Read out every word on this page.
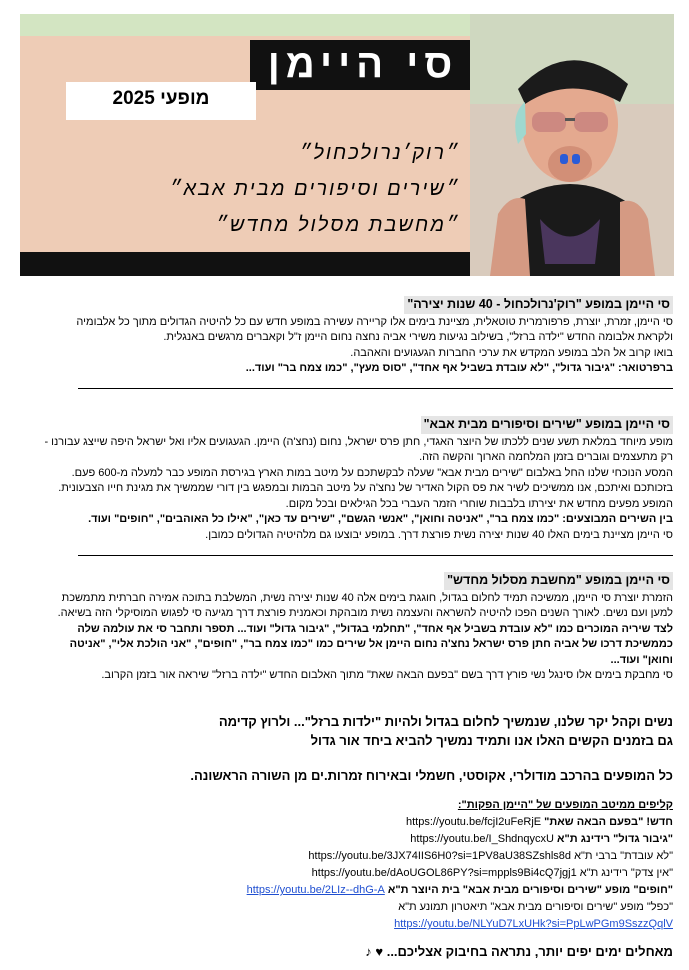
סי היימן
מופעי 2025
״רוק׳נרולכחול״
״שירים וסיפורים מבית אבא״
״מחשבת מסלול מחדש״
סי היימן במופע "רוק'נרולכחול - 40 שנות יצירה"

סי היימן, זמרת, יוצרת, פרפורמרית טוטאלית, מציינת בימים אלו קריירה עשירה במופע חדש עם כל להיטיה הגדולים מתוך כל אלבומיה ולקראת אלבומה החדש "ילדה ברזל", בשילוב נגיעות משירי אביה נחצה נחום היימן ז"ל וקאברים מרגשים באנגלית.

בואו קרוב אל הלב במופע המקדש את ערכי החברות הגעגועים והאהבה.

ברפרטואר: "גיבור גדול", "לא עובדת בשביל אף אחד", "סוס מעץ", "כמו צמח בר" ועוד...

סי היימן במופע "שירים וסיפורים מבית אבא"

מופע מיוחד במלאת תשע שנים ללכתו של היוצר האגדי, חתן פרס ישראל, נחום (נחצ'ה) היימן. הגעגועים אליו ואל ישראל היפה שייצג עבורנו - רק מתעצמים וגוברים בזמן המלחמה הארוך והקשה הזה.

המסע הנוכחי שלנו החל באלבום "שירים מבית אבא" שעלה לבקשתכם על מיטב במות הארץ בגירסת המופע כבר למעלה מ-600 פעם. בזכותכם ואיתכם, אנו ממשיכים לשיר את פס הקול האדיר של נחצ'ה על מיטב הבמות ובמפגש בין דורי שממשיך את מגינת חייו הצבעונית. המופע מפעים מחדש את יצירתו בלבבות שוחרי הזמר העברי בכל הגילאים ובכל מקום.

בין השירים המבוצעים: "כמו צמח בר", "אניטה וחואן", "אנשי הגשם", "שירים עד כאן", "אילו כל האוהבים", "חופים" ועוד.

סי היימן מציינת בימים האלו 40 שנות יצירה נשית פורצת דרך. במופע יבוצעו גם מלהיטיה הגדולים כמובן.

סי היימן במופע "מחשבת מסלול מחדש"

הזמרת יוצרת סי היימן, ממשיכה תמיד לחלום בגדול, חוגגת בימים אלה 40 שנות יצירה נשית, המשלבת בתוכה אמירה חברתית מתמשכת למען ועם נשים. לאורך השנים הפכו להיטיה להשראה והעצמה נשית מובהקת וכאמנית פורצת דרך מגיעה סי לפגוש המוסיקלי הזה בשיאה.

לצד שיריה המוכרים כמו "לא עובדת בשביל אף אחד", "תחלמי בגדול", "גיבור גדול" ועוד... תספר ותחבר סי את עולמה שלה כממשיכת דרכו של אביה חתן פרס ישראל נחצ'ה נחום היימן אל שירים כמו "כמו צמח בר", "חופים", "אני הולכת אלי", "אניטה וחואן" ועוד...

סי מחבקת בימים אלו סינגל נשי פורץ דרך בשם "בפעם הבאה שאת" מתוך האלבום החדש "ילדה ברזל" שיראה אור בזמן הקרוב.

נשים וקהל יקר שלנו, שנמשיך לחלום בגדול ולהיות "ילדות ברזל"... ולרוץ קדימה
גם בזמנים הקשים האלו אנו ותמיד נמשיך להביא ביחד אור גדול
כל המופעים בהרכב מודולרי, אקוסטי, חשמלי ובאירוח זמרות.ים מן השורה הראשונה.
קליפים ממיטב המופעים של "היימן הפקות":
חדש! "בפעם הבאה שאת" https://youtu.be/fcjI2uFeRjE
"גיבור גדול" רידינג ת"א https://youtu.be/I_ShdnqycxU
"לא עובדת" ברבי ת"א https://youtu.be/3JX74IIS6H0?si=1PV8aU38SZshls8d
"אין צדק" רידינג ת"א https://youtu.be/dAoUGOL86PY?si=mppls9Bi4cQ7jgj1
"חופים" מופע "שירים וסיפורים מבית אבא" בית היוצר ת"א https://youtu.be/2LIz--dhG-A
"כפל" מופע "שירים וסיפורים מבית אבא" תיאטרון תמונע ת"א
https://youtu.be/NLYuD7LxUHk?si=PpLwPGm9SszzQqlV
מאחלים ימים יפים יותר, נתראה בחיבוק אצליכם... ♥ ♪
